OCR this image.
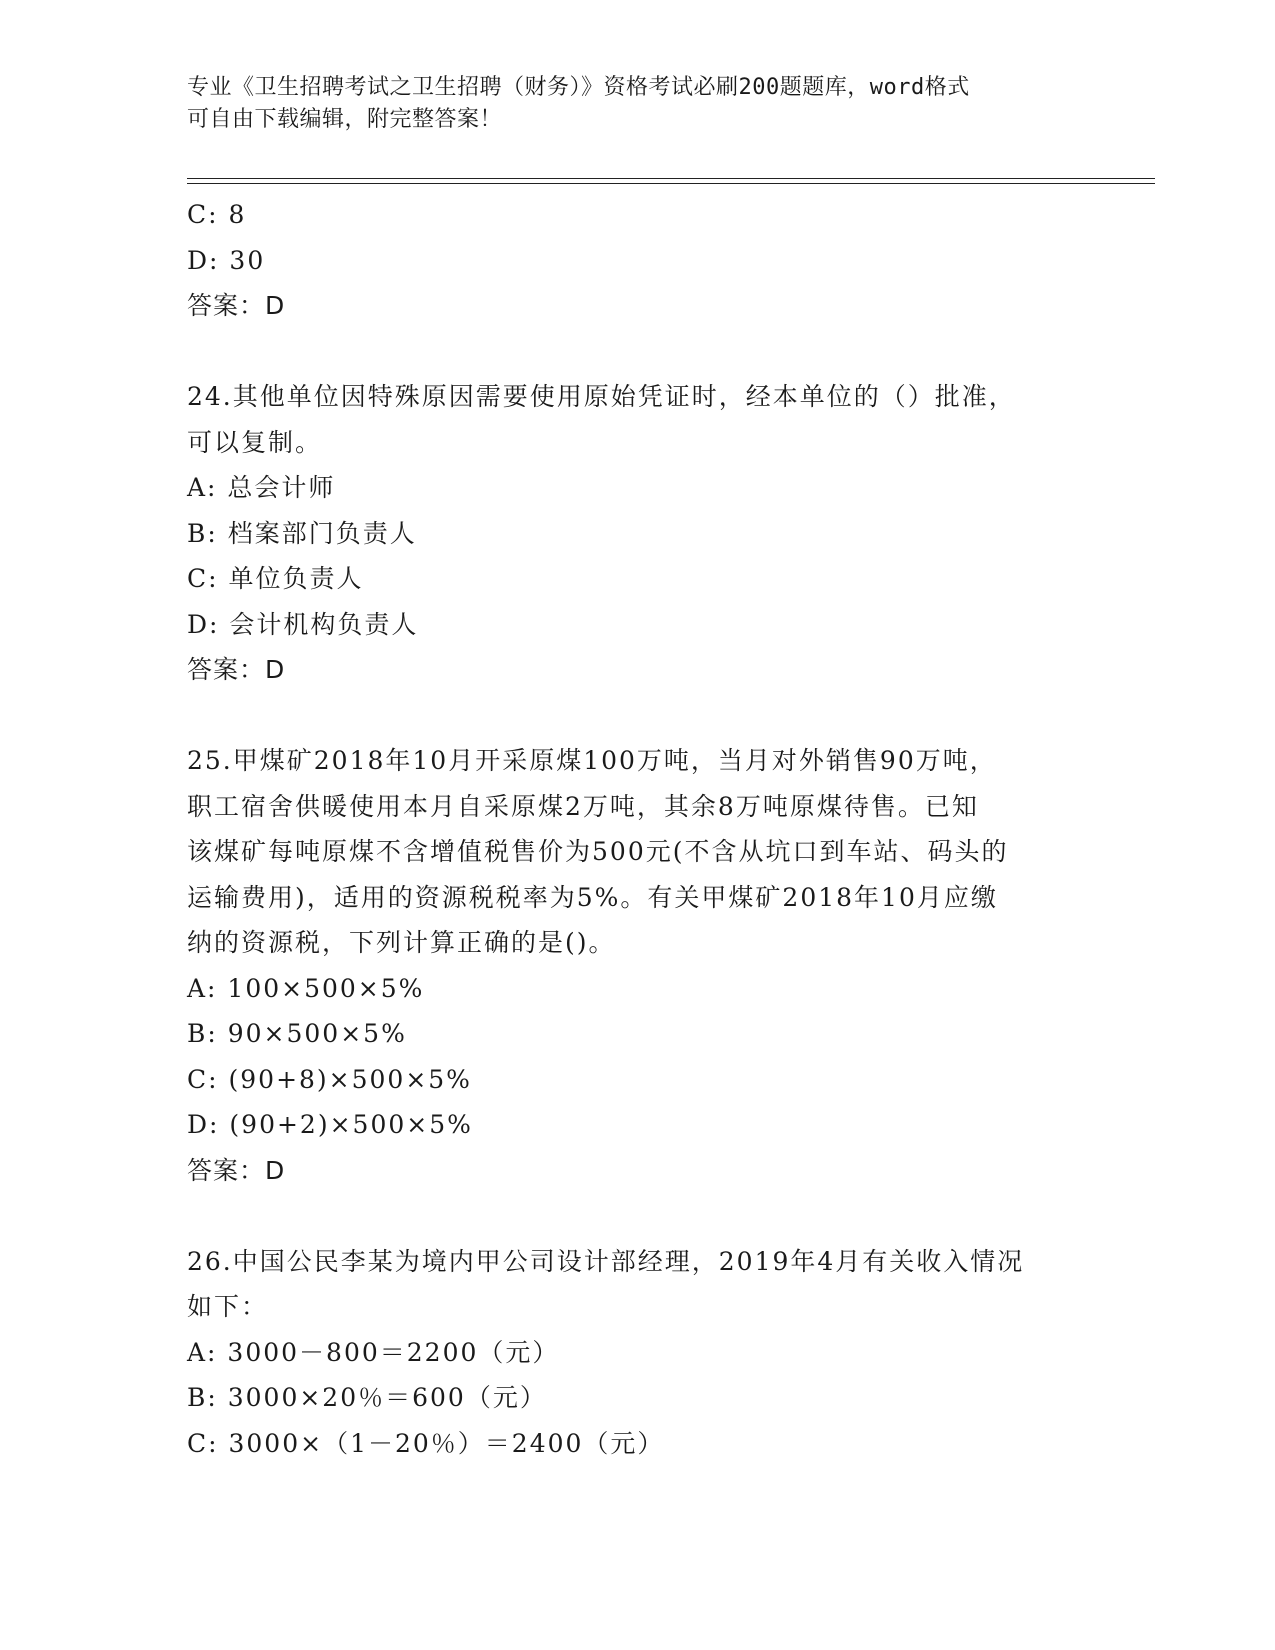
专业《卫生招聘考试之卫生招聘（财务）》资格考试必刷200题题库，word格式
可自由下载编辑，附完整答案！
C: 8
D: 30
答案：D
24.其他单位因特殊原因需要使用原始凭证时，经本单位的（）批准，
可以复制。
A: 总会计师
B: 档案部门负责人
C: 单位负责人
D: 会计机构负责人
答案：D
25.甲煤矿2018年10月开采原煤100万吨，当月对外销售90万吨，
职工宿舍供暖使用本月自采原煤2万吨，其余8万吨原煤待售。已知
该煤矿每吨原煤不含增值税售价为500元(不含从坑口到车站、码头的
运输费用)，适用的资源税税率为5%。有关甲煤矿2018年10月应缴
纳的资源税，下列计算正确的是()。
A: 100×500×5%
B: 90×500×5%
C: (90+8)×500×5%
D: (90+2)×500×5%
答案：D
26.中国公民李某为境内甲公司设计部经理，2019年4月有关收入情况
如下：
A: 3000－800＝2200（元）
B: 3000×20％＝600（元）
C: 3000×（1－20％）＝2400（元）
